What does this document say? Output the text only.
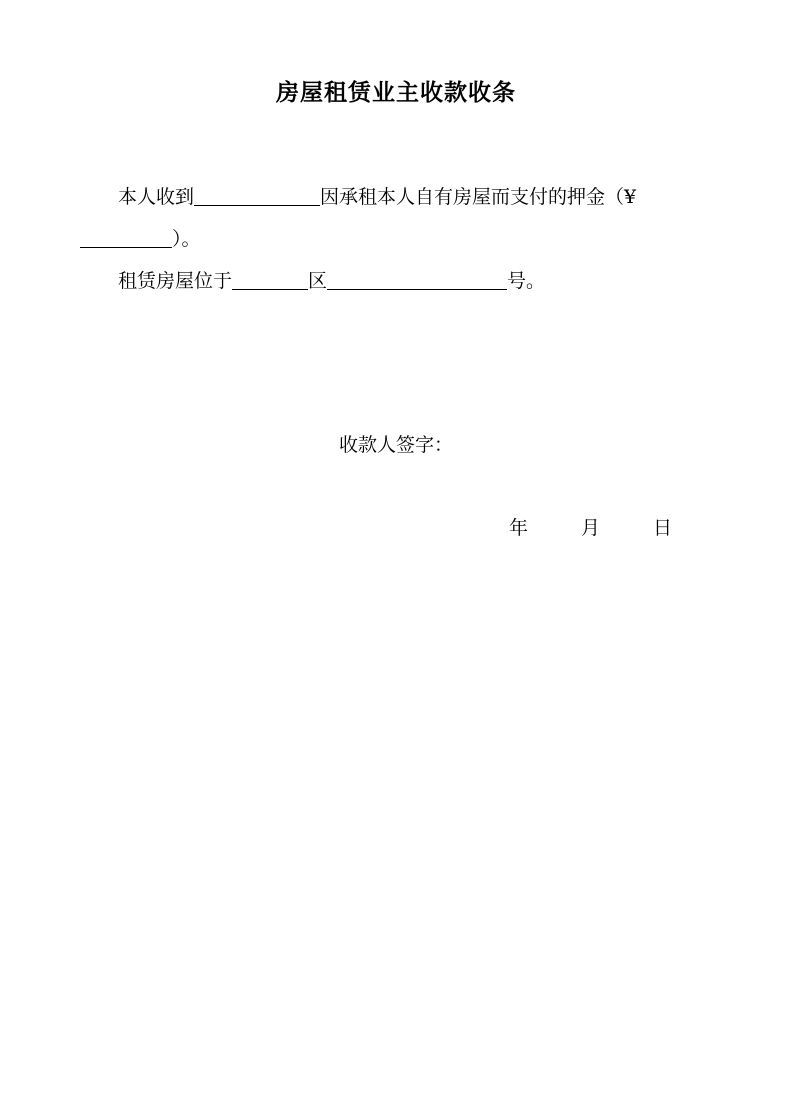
房屋租赁业主收款收条
本人收到	因承租本人自有房屋而支付的押金（¥）。
租赁房屋位于	区	号。
收款人签字：
年	月	日
